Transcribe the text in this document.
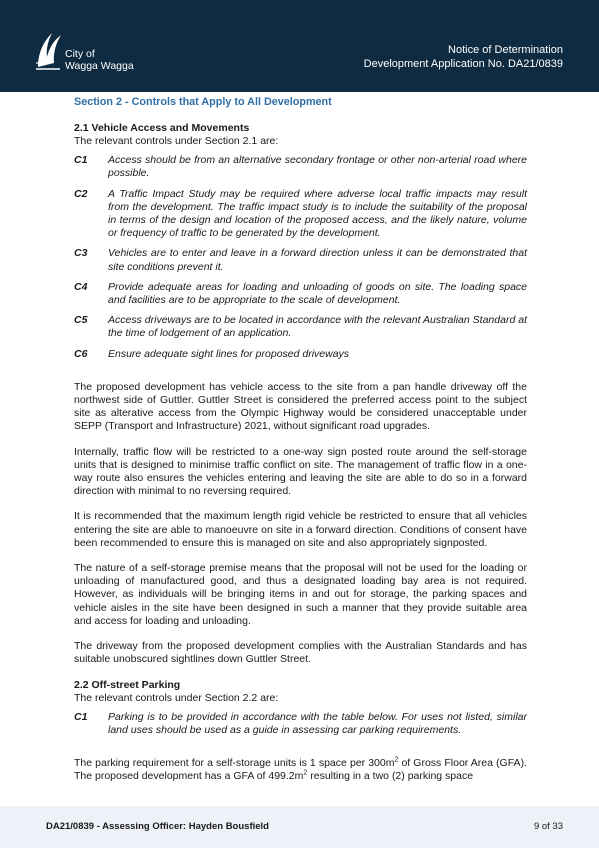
City of
Wagga Wagga
Notice of Determination
Development Application No. DA21/0839
Section 2 - Controls that Apply to All Development
2.1 Vehicle Access and Movements
The relevant controls under Section 2.1 are:
C1	Access should be from an alternative secondary frontage or other non-arterial road where possible.
C2	A Traffic Impact Study may be required where adverse local traffic impacts may result from the development. The traffic impact study is to include the suitability of the proposal in terms of the design and location of the proposed access, and the likely nature, volume or frequency of traffic to be generated by the development.
C3	Vehicles are to enter and leave in a forward direction unless it can be demonstrated that site conditions prevent it.
C4	Provide adequate areas for loading and unloading of goods on site. The loading space and facilities are to be appropriate to the scale of development.
C5	Access driveways are to be located in accordance with the relevant Australian Standard at the time of lodgement of an application.
C6	Ensure adequate sight lines for proposed driveways
The proposed development has vehicle access to the site from a pan handle driveway off the northwest side of Guttler. Guttler Street is considered the preferred access point to the subject site as alterative access from the Olympic Highway would be considered unacceptable under SEPP (Transport and Infrastructure) 2021, without significant road upgrades.
Internally, traffic flow will be restricted to a one-way sign posted route around the self-storage units that is designed to minimise traffic conflict on site. The management of traffic flow in a one-way route also ensures the vehicles entering and leaving the site are able to do so in a forward direction with minimal to no reversing required.
It is recommended that the maximum length rigid vehicle be restricted to ensure that all vehicles entering the site are able to manoeuvre on site in a forward direction. Conditions of consent have been recommended to ensure this is managed on site and also appropriately signposted.
The nature of a self-storage premise means that the proposal will not be used for the loading or unloading of manufactured good, and thus a designated loading bay area is not required. However, as individuals will be bringing items in and out for storage, the parking spaces and vehicle aisles in the site have been designed in such a manner that they provide suitable area and access for loading and unloading.
The driveway from the proposed development complies with the Australian Standards and has suitable unobscured sightlines down Guttler Street.
2.2 Off-street Parking
The relevant controls under Section 2.2 are:
C1	Parking is to be provided in accordance with the table below. For uses not listed, similar land uses should be used as a guide in assessing car parking requirements.
The parking requirement for a self-storage units is 1 space per $300m^2$ of Gross Floor Area (GFA). The proposed development has a GFA of $499.2m^2$ resulting in a two (2) parking space
DA21/0839 - Assessing Officer: Hayden Bousfield	9 of 33
